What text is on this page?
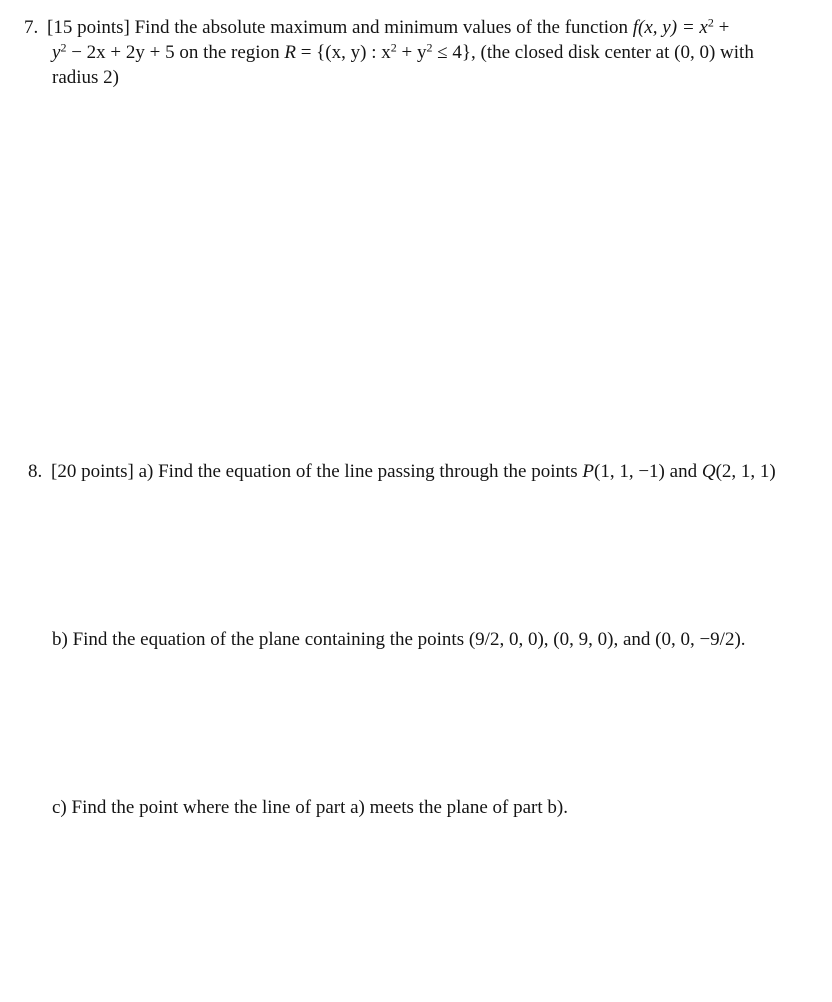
7. [15 points] Find the absolute maximum and minimum values of the function f(x, $y) = x^2$ +
$y^2 - 2x + 2y + 5$ on the region R = {(x, y) : $x^2 + y^2 \le 4$}, (the closed disk center at (0, 0) with
radius 2)
8. [20 points] a) Find the equation of the line passing through the points P(1, 1, −1) and Q(2, 1, 1)
b) Find the equation of the plane containing the points (9/2, 0, 0), (0, 9, 0), and (0, 0, −9/2).
c) Find the point where the line of part a) meets the plane of part b).
